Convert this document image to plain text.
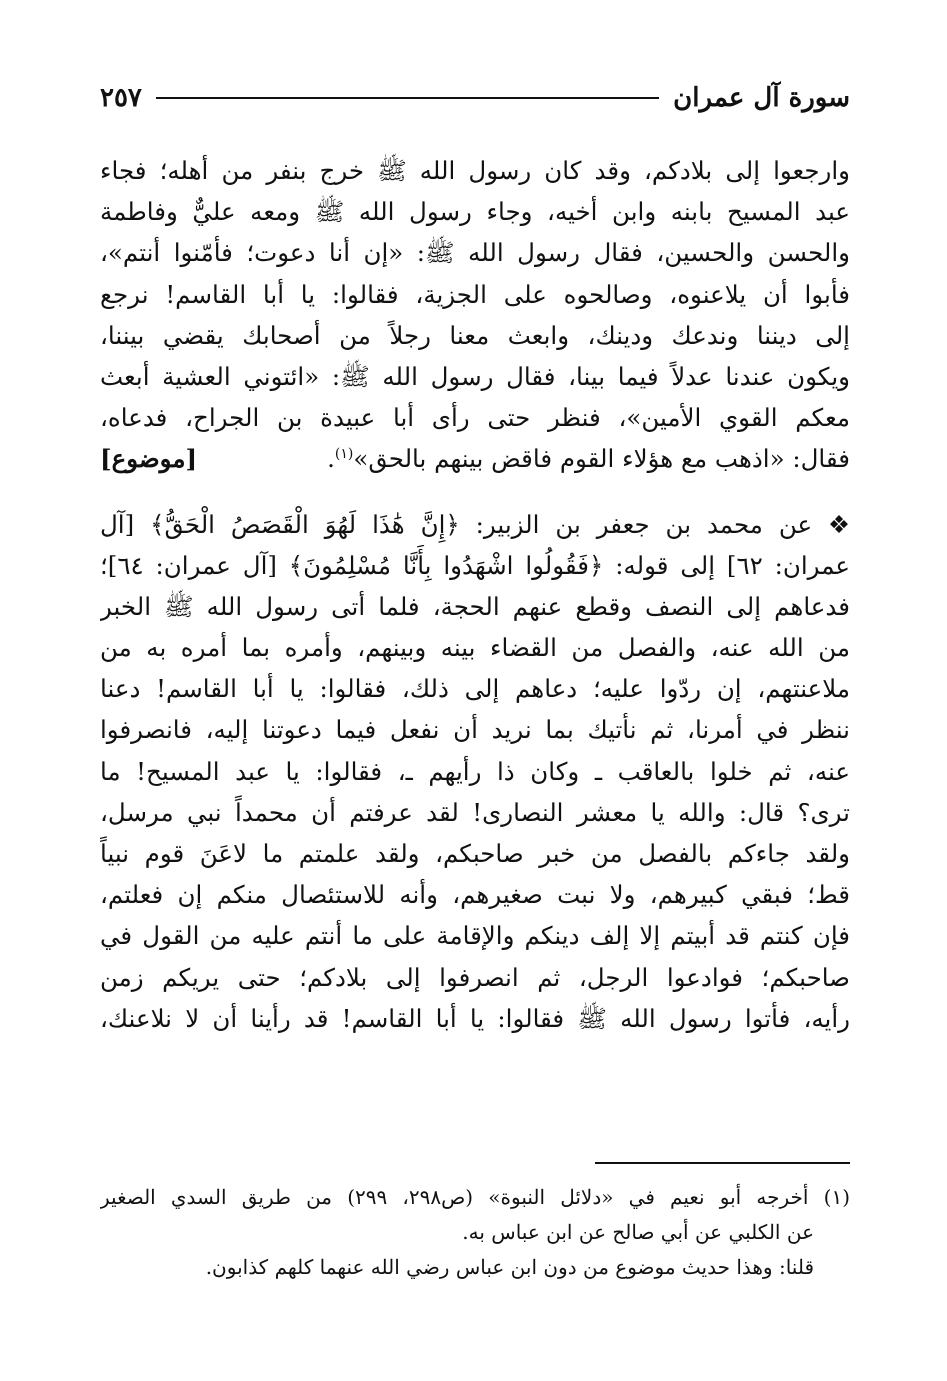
سورة آل عمران
٢٥٧
وارجعوا إلى بلادكم، وقد كان رسول الله ﷺ خرج بنفر من أهله؛ فجاء
عبد المسيح بابنه وابن أخيه، وجاء رسول الله ﷺ ومعه عليٌّ وفاطمة
والحسن والحسين، فقال رسول الله ﷺ: «إن أنا دعوت؛ فأمّنوا أنتم»،
فأبوا أن يلاعنوه، وصالحوه على الجزية، فقالوا: يا أبا القاسم! نرجع
إلى ديننا وندعك ودينك، وابعث معنا رجلاً من أصحابك يقضي بيننا،
ويكون عندنا عدلاً فيما بينا، فقال رسول الله ﷺ: «ائتوني العشية أبعث
معكم القوي الأمين»، فنظر حتى رأى أبا عبيدة بن الجراح، فدعاه،
فقال: «اذهب مع هؤلاء القوم فاقض بينهم بالحق»$^{(١)}$.
[موضوع]
❖ عن محمد بن جعفر بن الزبير: ﴿إِنَّ هَٰذَا لَهُوَ الْقَصَصُ الْحَقُّ﴾ [آل
عمران: ٦٢] إلى قوله: ﴿فَقُولُوا اشْهَدُوا بِأَنَّا مُسْلِمُونَ﴾ [آل عمران: ٦٤]؛
فدعاهم إلى النصف وقطع عنهم الحجة، فلما أتى رسول الله ﷺ الخبر
من الله عنه، والفصل من القضاء بينه وبينهم، وأمره بما أمره به من
ملاعنتهم، إن ردّوا عليه؛ دعاهم إلى ذلك، فقالوا: يا أبا القاسم! دعنا
ننظر في أمرنا، ثم نأتيك بما نريد أن نفعل فيما دعوتنا إليه، فانصرفوا
عنه، ثم خلوا بالعاقب ـ وكان ذا رأيهم ـ، فقالوا: يا عبد المسيح! ما
ترى؟ قال: والله يا معشر النصارى! لقد عرفتم أن محمداً نبي مرسل،
ولقد جاءكم بالفصل من خبر صاحبكم، ولقد علمتم ما لاعَنَ قوم نبياً
قط؛ فبقي كبيرهم، ولا نبت صغيرهم، وأنه للاستئصال منكم إن فعلتم،
فإن كنتم قد أبيتم إلا إلف دينكم والإقامة على ما أنتم عليه من القول في
صاحبكم؛ فوادعوا الرجل، ثم انصرفوا إلى بلادكم؛ حتى يريكم زمن
رأيه، فأتوا رسول الله ﷺ فقالوا: يا أبا القاسم! قد رأينا أن لا نلاعنك،
(١) أخرجه أبو نعيم في «دلائل النبوة» (ص٢٩٨، ٢٩٩) من طريق السدي الصغير
عن الكلبي عن أبي صالح عن ابن عباس به.
قلنا: وهذا حديث موضوع من دون ابن عباس رضي الله عنهما كلهم كذابون.
